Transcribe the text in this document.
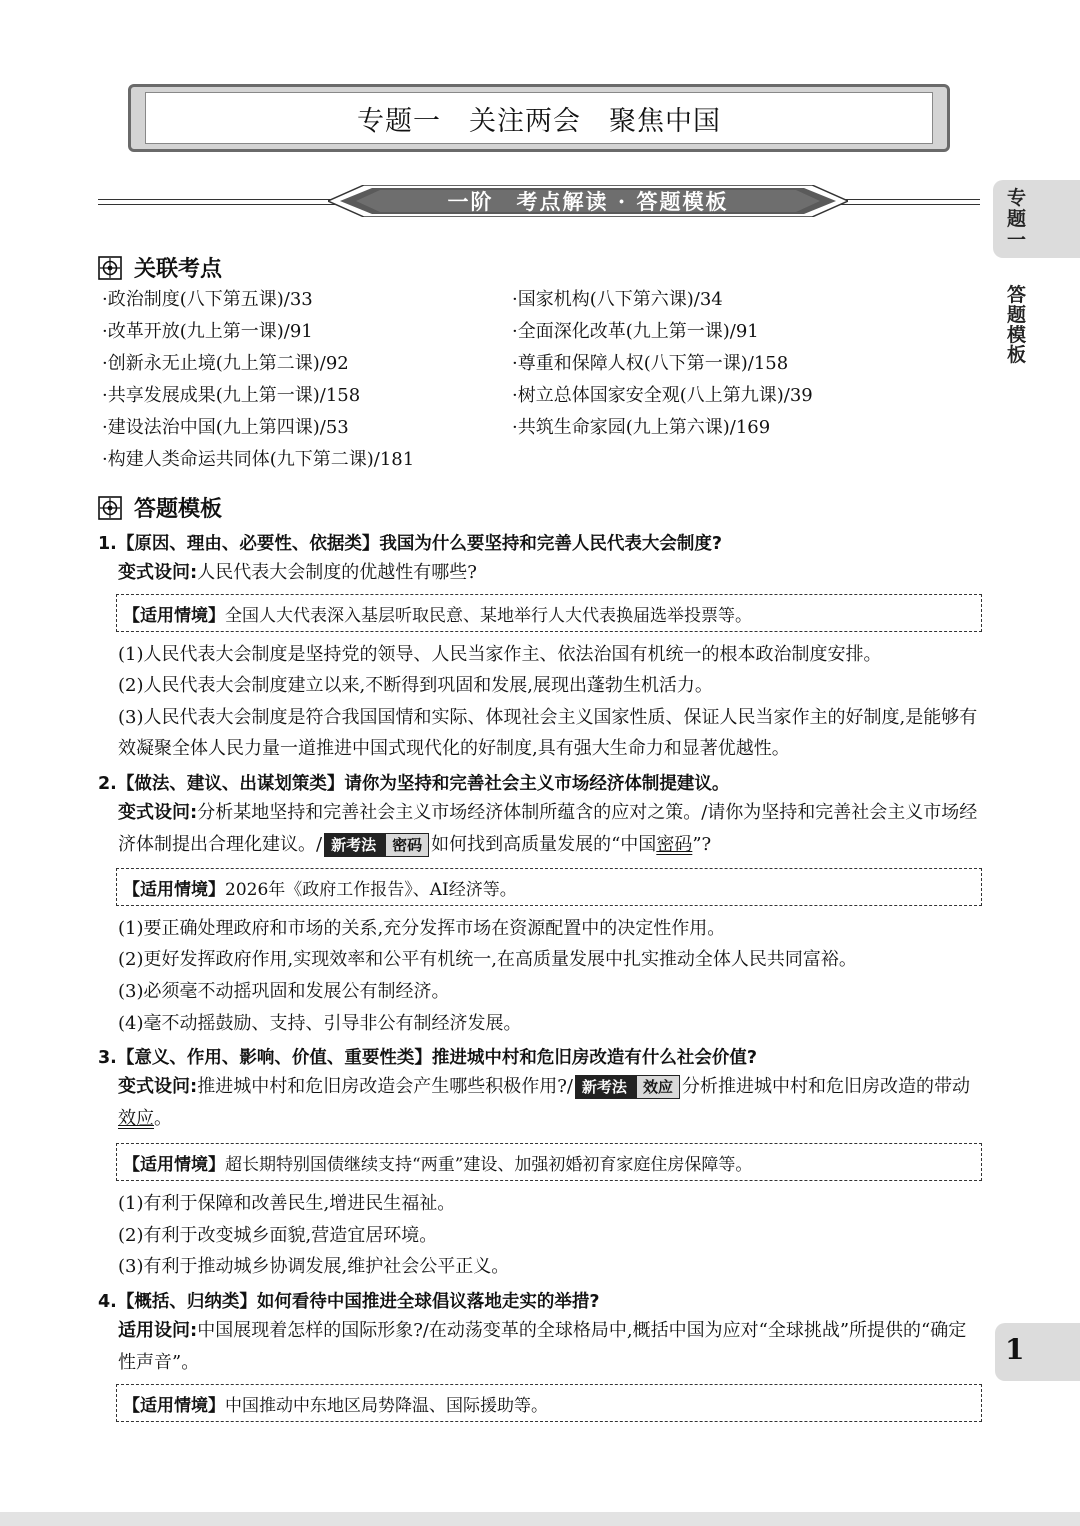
专题一　关注两会　聚焦中国
一阶　考点解读 · 答题模板	专题一
答题模板
1
关联考点
·政治制度(八下第五课)/33
·改革开放(九上第一课)/91
·创新永无止境(九上第二课)/92
·共享发展成果(九上第一课)/158
·建设法治中国(九上第四课)/53
·构建人类命运共同体(九下第二课)/181
·国家机构(八下第六课)/34
·全面深化改革(九上第一课)/91
·尊重和保障人权(八下第一课)/158
·树立总体国家安全观(八上第九课)/39
·共筑生命家园(九上第六课)/169
答题模板
1.【原因、理由、必要性、依据类】我国为什么要坚持和完善人民代表大会制度?
变式设问:人民代表大会制度的优越性有哪些?
【适用情境】 全国人大代表深入基层听取民意、某地举行人大代表换届选举投票等。
(1)人民代表大会制度是坚持党的领导、人民当家作主、依法治国有机统一的根本政治制度安排。
(2)人民代表大会制度建立以来,不断得到巩固和发展,展现出蓬勃生机活力。
(3)人民代表大会制度是符合我国国情和实际、体现社会主义国家性质、保证人民当家作主的好制度,是能够有效凝聚全体人民力量一道推进中国式现代化的好制度,具有强大生命力和显著优越性。
2.【做法、建议、出谋划策类】请你为坚持和完善社会主义市场经济体制提建议。
变式设问:分析某地坚持和完善社会主义市场经济体制所蕴含的应对之策。/请你为坚持和完善社会主义市场经济体制提出合理化建议。/ 新考法	密码 如何找到高质量发展的“中国密码”?
【适用情境】 2026年《政府工作报告》、AI经济等。
(1)要正确处理政府和市场的关系,充分发挥市场在资源配置中的决定性作用。
(2)更好发挥政府作用,实现效率和公平有机统一,在高质量发展中扎实推动全体人民共同富裕。
(3)必须毫不动摇巩固和发展公有制经济。
(4)毫不动摇鼓励、支持、引导非公有制经济发展。
3.【意义、作用、影响、价值、重要性类】推进城中村和危旧房改造有什么社会价值?
变式设问:推进城中村和危旧房改造会产生哪些积极作用?/ 新考法	效应 分析推进城中村和危旧房改造的带动效应。
【适用情境】 超长期特别国债继续支持“两重”建设、加强初婚初育家庭住房保障等。
(1)有利于保障和改善民生,增进民生福祉。
(2)有利于改变城乡面貌,营造宜居环境。
(3)有利于推动城乡协调发展,维护社会公平正义。
4.【概括、归纳类】如何看待中国推进全球倡议落地走实的举措?
适用设问:中国展现着怎样的国际形象?/在动荡变革的全球格局中,概括中国为应对“全球挑战”所提供的“确定性声音”。
【适用情境】 中国推动中东地区局势降温、国际援助等。
